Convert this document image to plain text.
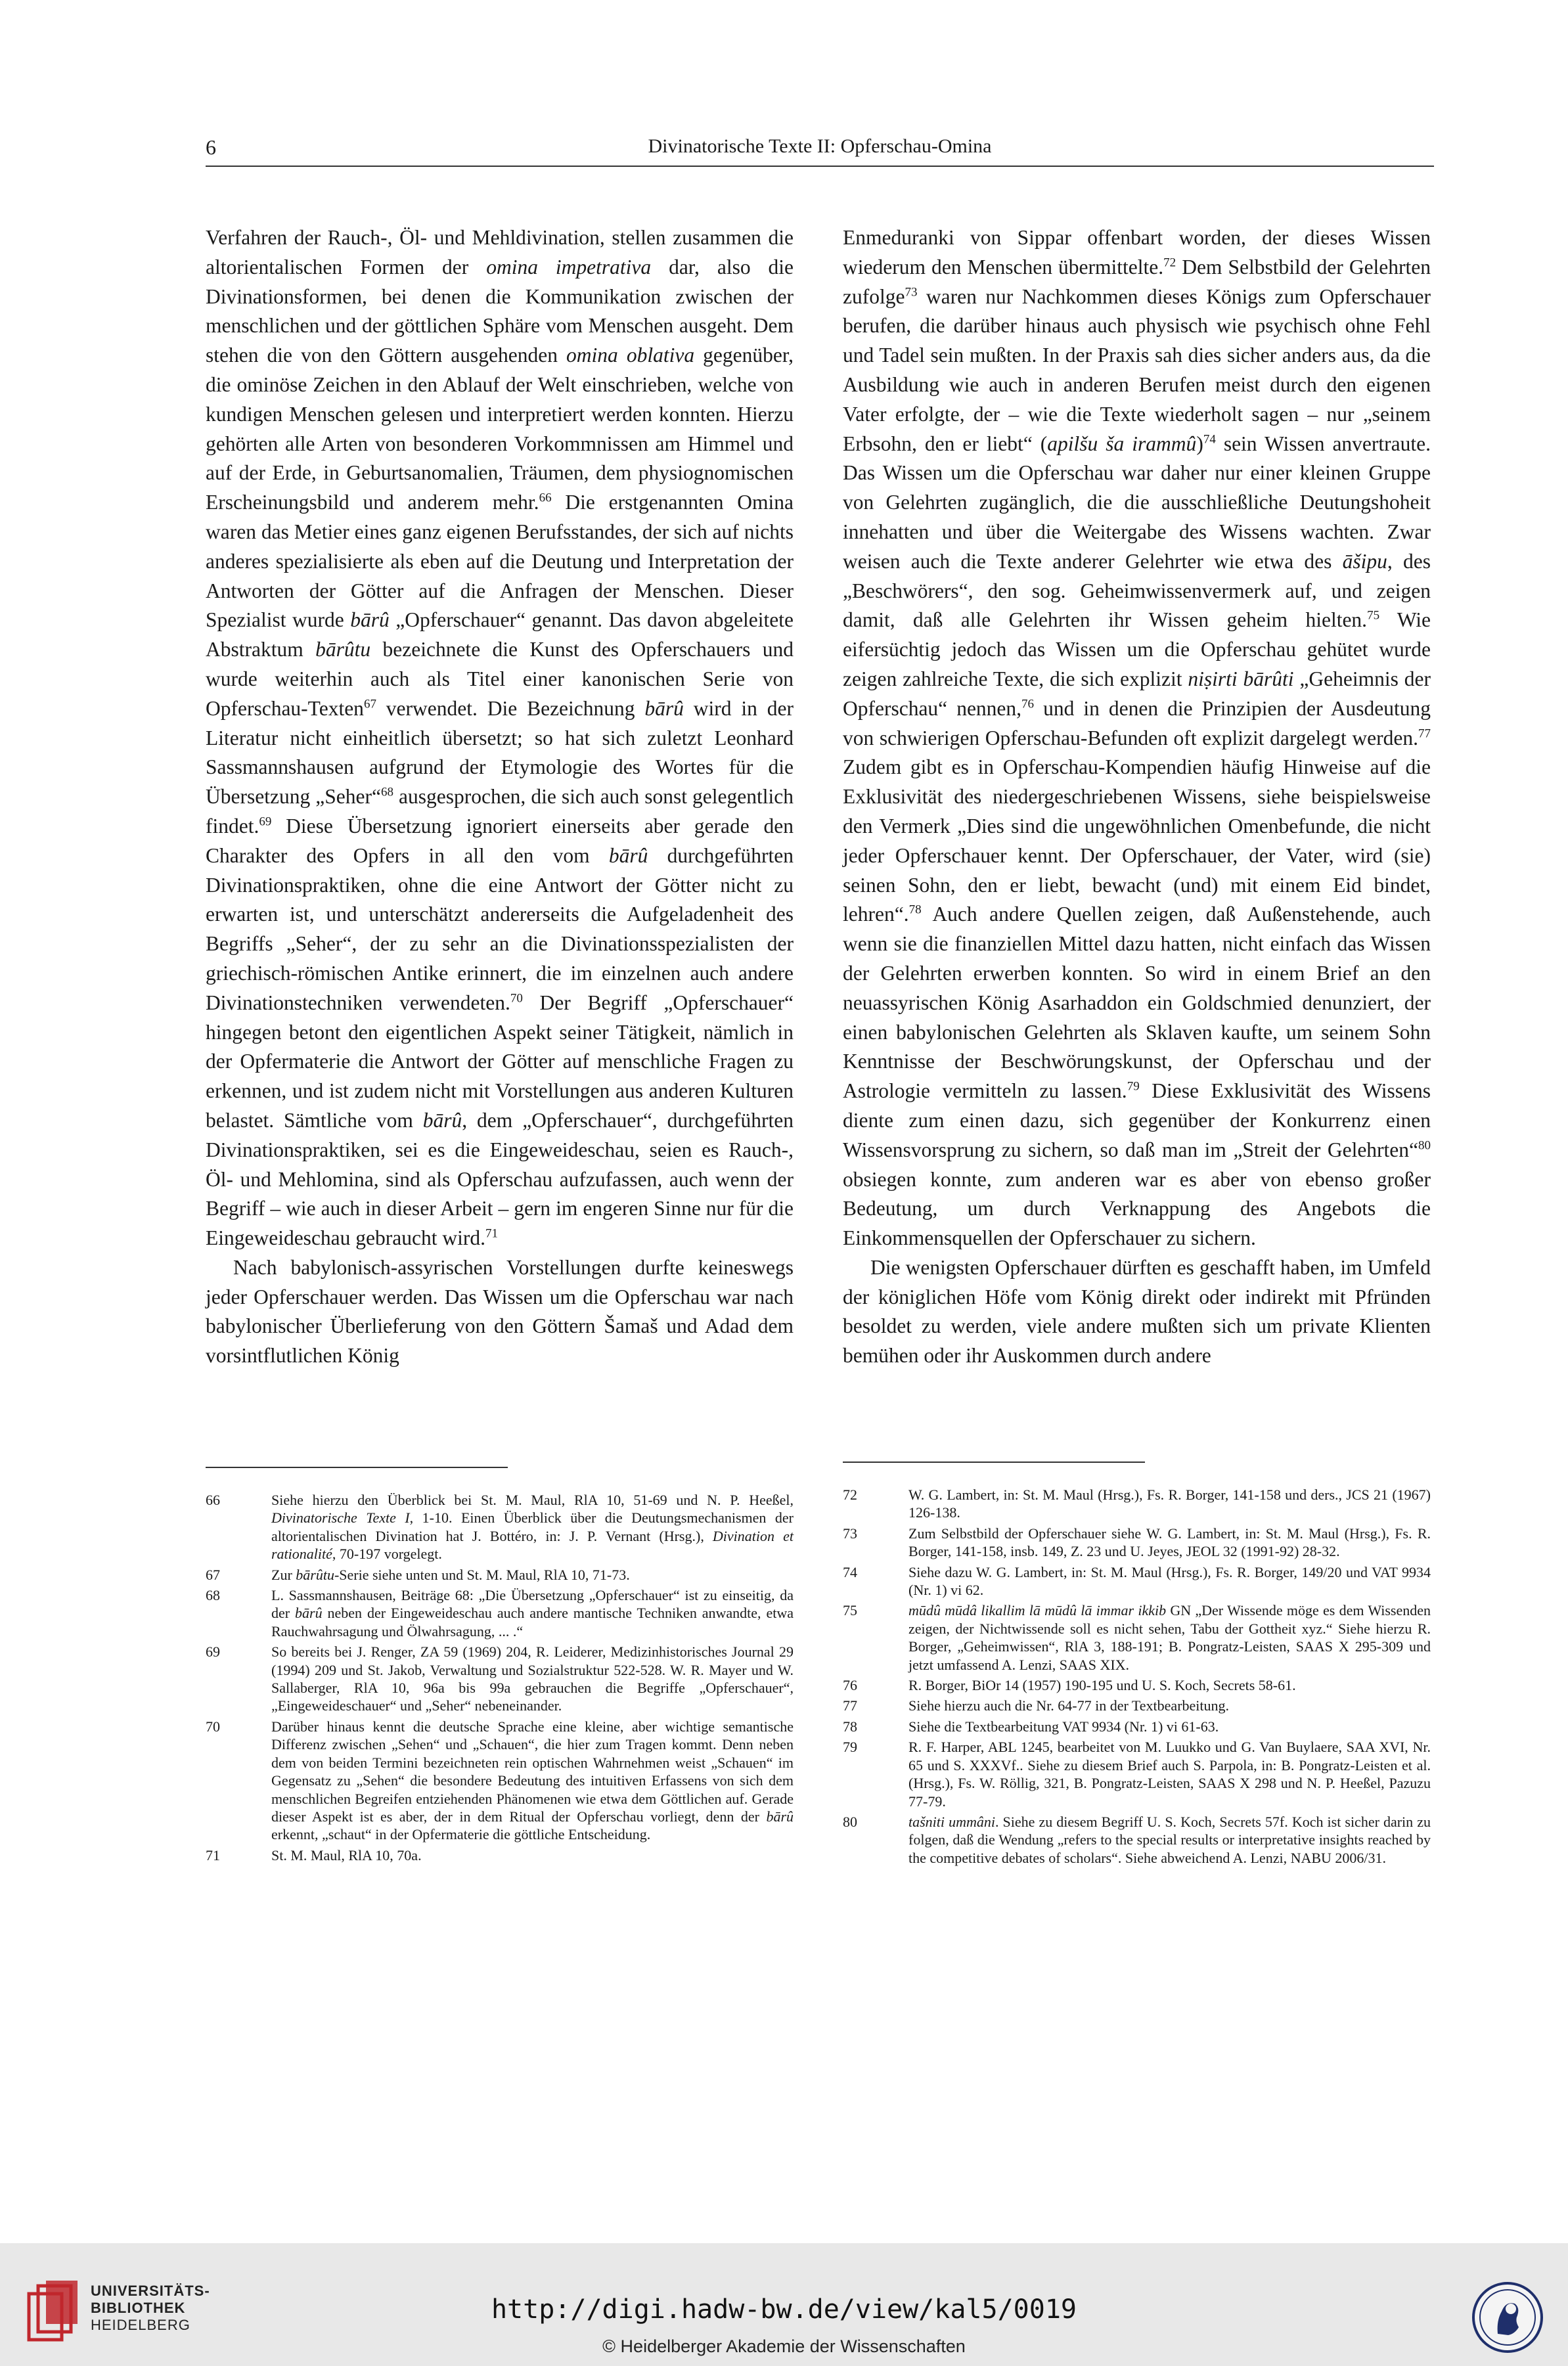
6	Divinatorische Texte II: Opferschau-Omina

Verfahren der Rauch-, Öl- und Mehldivination, stellen zusammen die altorientalischen Formen der omina impetrativa dar, also die Divinationsformen, bei denen die Kommunikation zwischen der menschlichen und der göttlichen Sphäre vom Menschen ausgeht. Dem stehen die von den Göttern ausgehenden omina oblativa gegenüber, die ominöse Zeichen in den Ablauf der Welt einschrieben, welche von kundigen Menschen gelesen und interpretiert werden konnten. Hierzu gehörten alle Arten von besonderen Vorkommnissen am Himmel und auf der Erde, in Geburtsanomalien, Träumen, dem physiognomischen Erscheinungsbild und anderem mehr.$^{66}$ Die erstgenannten Omina waren das Metier eines ganz eigenen Berufsstandes, der sich auf nichts anderes spezialisierte als eben auf die Deutung und Interpretation der Antworten der Götter auf die Anfragen der Menschen. Dieser Spezialist wurde bārû „Opferschauer“ genannt. Das davon abgeleitete Abstraktum bārûtu bezeichnete die Kunst des Opferschauers und wurde weiterhin auch als Titel einer kanonischen Serie von Opferschau-Texten$^{67}$ verwendet. Die Bezeichnung bārû wird in der Literatur nicht einheitlich übersetzt; so hat sich zuletzt Leonhard Sassmannshausen aufgrund der Etymologie des Wortes für die Übersetzung „Seher“$^{68}$ ausgesprochen, die sich auch sonst gelegentlich findet.$^{69}$ Diese Übersetzung ignoriert einerseits aber gerade den Charakter des Opfers in all den vom bārû durchgeführten Divinationspraktiken, ohne die eine Antwort der Götter nicht zu erwarten ist, und unterschätzt andererseits die Aufgeladenheit des Begriffs „Seher“, der zu sehr an die Divinationsspezialisten der griechisch-römischen Antike erinnert, die im einzelnen auch andere Divinationstechniken verwendeten.$^{70}$ Der Begriff „Opferschauer“ hingegen betont den eigentlichen Aspekt seiner Tätigkeit, nämlich in der Opfermaterie die Antwort der Götter auf menschliche Fragen zu erkennen, und ist zudem nicht mit Vorstellungen aus anderen Kulturen belastet. Sämtliche vom bārû, dem „Opferschauer“, durchgeführten Divinationspraktiken, sei es die Eingeweideschau, seien es Rauch-, Öl- und Mehlomina, sind als Opferschau aufzufassen, auch wenn der Begriff – wie auch in dieser Arbeit – gern im engeren Sinne nur für die Eingeweideschau gebraucht wird.$^{71}$

Nach babylonisch-assyrischen Vorstellungen durfte keineswegs jeder Opferschauer werden. Das Wissen um die Opferschau war nach babylonischer Überlieferung von den Göttern Šamaš und Adad dem vorsintflutlichen König

Enmeduranki von Sippar offenbart worden, der dieses Wissen wiederum den Menschen übermittelte.$^{72}$ Dem Selbstbild der Gelehrten zufolge$^{73}$ waren nur Nachkommen dieses Königs zum Opferschauer berufen, die darüber hinaus auch physisch wie psychisch ohne Fehl und Tadel sein mußten. In der Praxis sah dies sicher anders aus, da die Ausbildung wie auch in anderen Berufen meist durch den eigenen Vater erfolgte, der – wie die Texte wiederholt sagen – nur „seinem Erbsohn, den er liebt“ (apilšu ša irammû)$^{74}$ sein Wissen anvertraute. Das Wissen um die Opferschau war daher nur einer kleinen Gruppe von Gelehrten zugänglich, die die ausschließliche Deutungshoheit innehatten und über die Weitergabe des Wissens wachten. Zwar weisen auch die Texte anderer Gelehrter wie etwa des āšipu, des „Beschwörers“, den sog. Geheimwissenvermerk auf, und zeigen damit, daß alle Gelehrten ihr Wissen geheim hielten.$^{75}$ Wie eifersüchtig jedoch das Wissen um die Opferschau gehütet wurde zeigen zahlreiche Texte, die sich explizit niṣirti bārûti „Geheimnis der Opferschau“ nennen,$^{76}$ und in denen die Prinzipien der Ausdeutung von schwierigen Opferschau-Befunden oft explizit dargelegt werden.$^{77}$ Zudem gibt es in Opferschau-Kompendien häufig Hinweise auf die Exklusivität des niedergeschriebenen Wissens, siehe beispielsweise den Vermerk „Dies sind die ungewöhnlichen Omenbefunde, die nicht jeder Opferschauer kennt. Der Opferschauer, der Vater, wird (sie) seinen Sohn, den er liebt, bewacht (und) mit einem Eid bindet, lehren“.$^{78}$ Auch andere Quellen zeigen, daß Außenstehende, auch wenn sie die finanziellen Mittel dazu hatten, nicht einfach das Wissen der Gelehrten erwerben konnten. So wird in einem Brief an den neuassyrischen König Asarhaddon ein Goldschmied denunziert, der einen babylonischen Gelehrten als Sklaven kaufte, um seinem Sohn Kenntnisse der Beschwörungskunst, der Opferschau und der Astrologie vermitteln zu lassen.$^{79}$ Diese Exklusivität des Wissens diente zum einen dazu, sich gegenüber der Konkurrenz einen Wissensvorsprung zu sichern, so daß man im „Streit der Gelehrten“$^{80}$ obsiegen konnte, zum anderen war es aber von ebenso großer Bedeutung, um durch Verknappung des Angebots die Einkommensquellen der Opferschauer zu sichern.

Die wenigsten Opferschauer dürften es geschafft haben, im Umfeld der königlichen Höfe vom König direkt oder indirekt mit Pfründen besoldet zu werden, viele andere mußten sich um private Klienten bemühen oder ihr Auskommen durch andere

66	Siehe hierzu den Überblick bei St. M. Maul, RlA 10, 51-69 und N. P. Heeßel, Divinatorische Texte I, 1-10. Einen Überblick über die Deutungsmechanismen der altorientalischen Divination hat J. Bottéro, in: J. P. Vernant (Hrsg.), Divination et rationalité, 70-197 vorgelegt.

67	Zur bārûtu-Serie siehe unten und St. M. Maul, RlA 10, 71-73.

68	L. Sassmannshausen, Beiträge 68: „Die Übersetzung „Opferschauer“ ist zu einseitig, da der bārû neben der Eingeweideschau auch andere mantische Techniken anwandte, etwa Rauchwahrsagung und Ölwahrsagung, ... .“

69	So bereits bei J. Renger, ZA 59 (1969) 204, R. Leiderer, Medizinhistorisches Journal 29 (1994) 209 und St. Jakob, Verwaltung und Sozialstruktur 522-528. W. R. Mayer und W. Sallaberger, RlA 10, 96a bis 99a gebrauchen die Begriffe „Opferschauer“, „Eingeweideschauer“ und „Seher“ nebeneinander.

70	Darüber hinaus kennt die deutsche Sprache eine kleine, aber wichtige semantische Differenz zwischen „Sehen“ und „Schauen“, die hier zum Tragen kommt. Denn neben dem von beiden Termini bezeichneten rein optischen Wahrnehmen weist „Schauen“ im Gegensatz zu „Sehen“ die besondere Bedeutung des intuitiven Erfassens von sich dem menschlichen Begreifen entziehenden Phänomenen wie etwa dem Göttlichen auf. Gerade dieser Aspekt ist es aber, der in dem Ritual der Opferschau vorliegt, denn der bārû erkennt, „schaut“ in der Opfermaterie die göttliche Entscheidung.

71	St. M. Maul, RlA 10, 70a.

72	W. G. Lambert, in: St. M. Maul (Hrsg.), Fs. R. Borger, 141-158 und ders., JCS 21 (1967) 126-138.

73	Zum Selbstbild der Opferschauer siehe W. G. Lambert, in: St. M. Maul (Hrsg.), Fs. R. Borger, 141-158, insb. 149, Z. 23 und U. Jeyes, JEOL 32 (1991-92) 28-32.

74	Siehe dazu W. G. Lambert, in: St. M. Maul (Hrsg.), Fs. R. Borger, 149/20 und VAT 9934 (Nr. 1) vi 62.

75	mūdû mūdâ likallim lā mūdû lā immar ikkib GN „Der Wissende möge es dem Wissenden zeigen, der Nichtwissende soll es nicht sehen, Tabu der Gottheit xyz.“ Siehe hierzu R. Borger, „Geheimwissen“, RlA 3, 188-191; B. Pongratz-Leisten, SAAS X 295-309 und jetzt umfassend A. Lenzi, SAAS XIX.

76	R. Borger, BiOr 14 (1957) 190-195 und U. S. Koch, Secrets 58-61.

77	Siehe hierzu auch die Nr. 64-77 in der Textbearbeitung.

78	Siehe die Textbearbeitung VAT 9934 (Nr. 1) vi 61-63.

79	R. F. Harper, ABL 1245, bearbeitet von M. Luukko und G. Van Buylaere, SAA XVI, Nr. 65 und S. XXXVf.. Siehe zu diesem Brief auch S. Parpola, in: B. Pongratz-Leisten et al. (Hrsg.), Fs. W. Röllig, 321, B. Pongratz-Leisten, SAAS X 298 und N. P. Heeßel, Pazuzu 77-79.

80	tašniti ummâni. Siehe zu diesem Begriff U. S. Koch, Secrets 57f. Koch ist sicher darin zu folgen, daß die Wendung „refers to the special results or interpretative insights reached by the competitive debates of scholars“. Siehe abweichend A. Lenzi, NABU 2006/31.

UNIVERSITÄTS-
BIBLIOTHEK
HEIDELBERG
http://digi.hadw-bw.de/view/kal5/0019
© Heidelberger Akademie der Wissenschaften
